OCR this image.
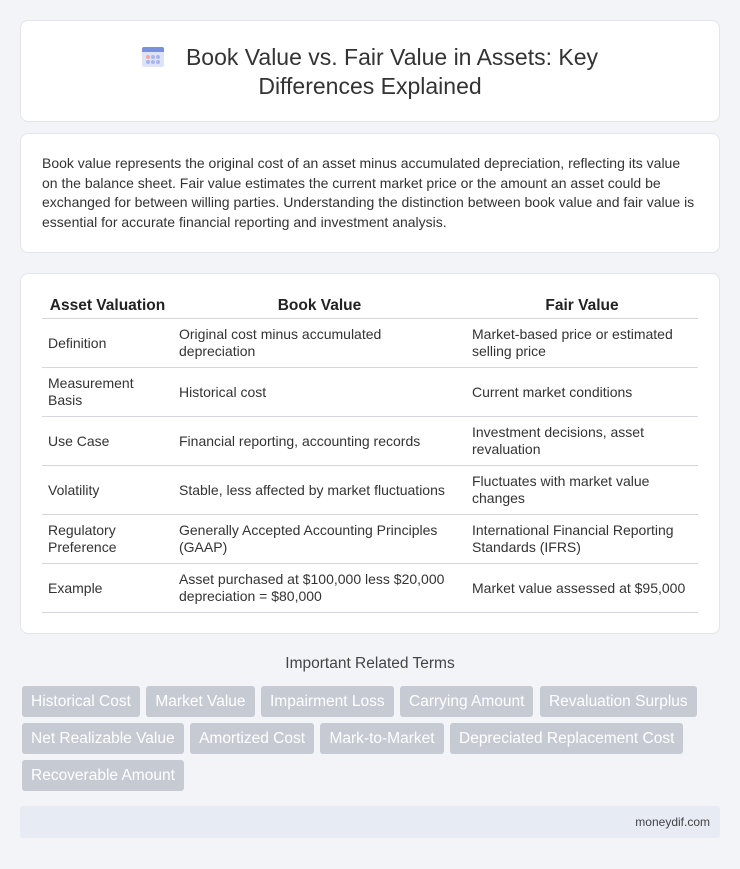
Book Value vs. Fair Value in Assets: Key Differences Explained

Book value represents the original cost of an asset minus accumulated depreciation, reflecting its value on the balance sheet. Fair value estimates the current market price or the amount an asset could be exchanged for between willing parties. Understanding the distinction between book value and fair value is essential for accurate financial reporting and investment analysis.

Asset Valuation	Book Value	Fair Value
Definition	Original cost minus accumulated depreciation	Market-based price or estimated selling price
Measurement Basis	Historical cost	Current market conditions
Use Case	Financial reporting, accounting records	Investment decisions, asset revaluation
Volatility	Stable, less affected by market fluctuations	Fluctuates with market value changes
Regulatory Preference	Generally Accepted Accounting Principles (GAAP)	International Financial Reporting Standards (IFRS)
Example	Asset purchased at $100,000 less $20,000 depreciation = $80,000	Market value assessed at $95,000
Important Related Terms
Historical Cost Market Value Impairment Loss Carrying Amount Revaluation Surplus Net Realizable Value Amortized Cost Mark-to-Market Depreciated Replacement Cost Recoverable Amount
moneydif.com
